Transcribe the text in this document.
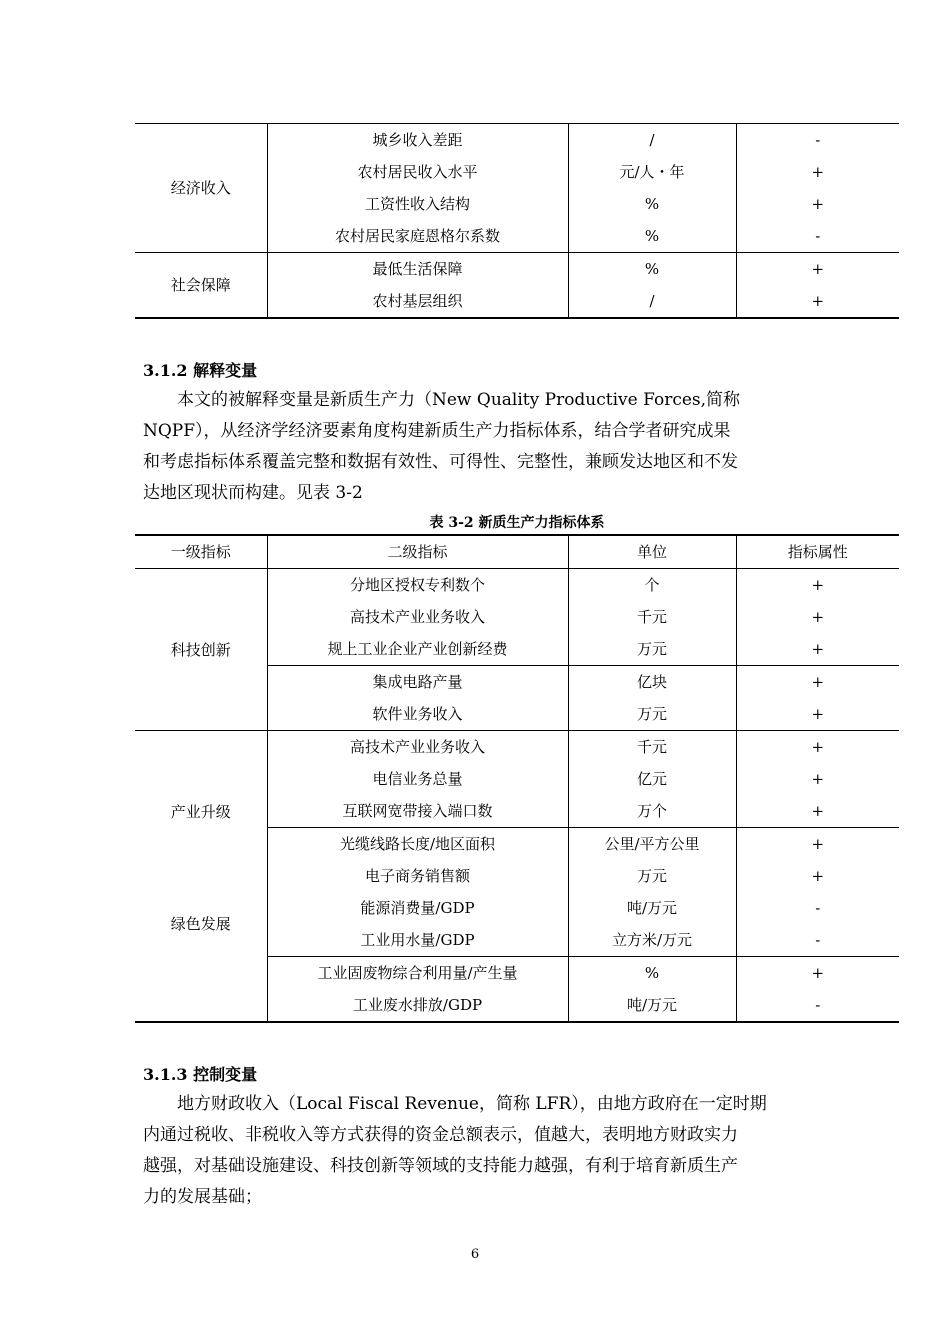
经济收入	城乡收入差距	/	-
	农村居民收入水平	元/人・年	+
	工资性收入结构	%	+
	农村居民家庭恩格尔系数	%	-
社会保障	最低生活保障	%	+
	农村基层组织	/	+
3.1.2 解释变量
本文的被解释变量是新质生产力（New Quality Productive Forces,简称
NQPF），从经济学经济要素角度构建新质生产力指标体系，结合学者研究成果
和考虑指标体系覆盖完整和数据有效性、可得性、完整性，兼顾发达地区和不发
达地区现状而构建。见表 3-2
表 3-2 新质生产力指标体系
一级指标	二级指标	单位	指标属性
科技创新	分地区授权专利数个	个	+
	高技术产业业务收入	千元	+
	规上工业企业产业创新经费	万元	+
	集成电路产量	亿块	+
	软件业务收入	万元	+
产业升级	高技术产业业务收入	千元	+
	电信业务总量	亿元	+
	互联网宽带接入端口数	万个	+
绿色发展	光缆线路长度/地区面积	公里/平方公里	+
	电子商务销售额	万元	+
	能源消费量/GDP	吨/万元	-
	工业用水量/GDP	立方米/万元	-
	工业固废物综合利用量/产生量	%	+
	工业废水排放/GDP	吨/万元	-
3.1.3 控制变量
地方财政收入（Local Fiscal Revenue，简称 LFR），由地方政府在一定时期
内通过税收、非税收入等方式获得的资金总额表示，值越大，表明地方财政实力
越强，对基础设施建设、科技创新等领域的支持能力越强，有利于培育新质生产
力的发展基础；
6
